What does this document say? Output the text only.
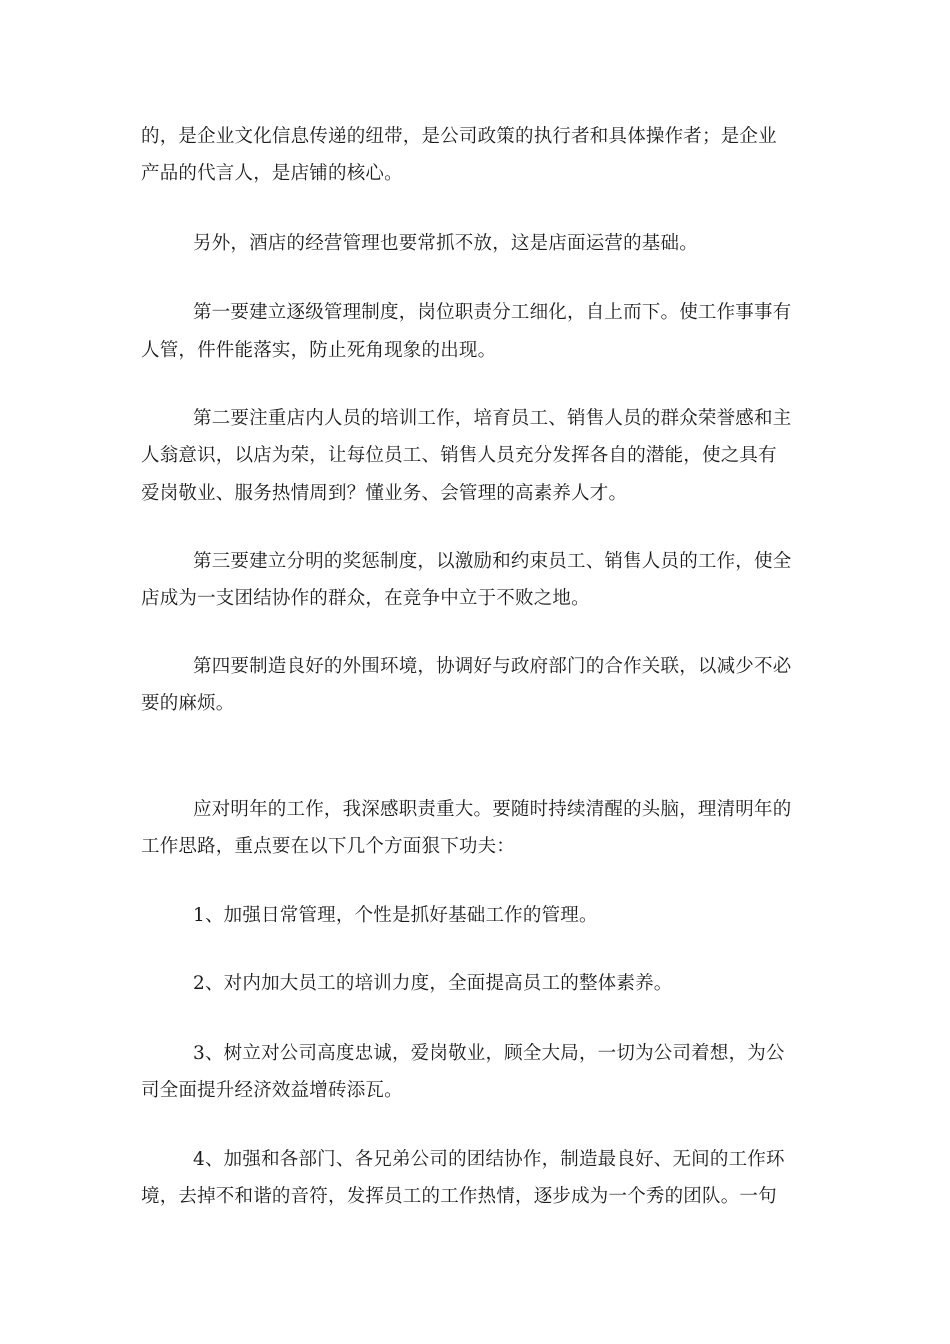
的，是企业文化信息传递的纽带，是公司政策的执行者和具体操作者；是企业

产品的代言人，是店铺的核心。

另外，酒店的经营管理也要常抓不放，这是店面运营的基础。

第一要建立逐级管理制度，岗位职责分工细化，自上而下。使工作事事有

人管，件件能落实，防止死角现象的出现。

第二要注重店内人员的培训工作，培育员工、销售人员的群众荣誉感和主

人翁意识，以店为荣，让每位员工、销售人员充分发挥各自的潜能，使之具有

爱岗敬业、服务热情周到？懂业务、会管理的高素养人才。

第三要建立分明的奖惩制度，以激励和约束员工、销售人员的工作，使全

店成为一支团结协作的群众，在竞争中立于不败之地。

第四要制造良好的外围环境，协调好与政府部门的合作关联，以减少不必

要的麻烦。

应对明年的工作，我深感职责重大。要随时持续清醒的头脑，理清明年的

工作思路，重点要在以下几个方面狠下功夫：

1、加强日常管理，个性是抓好基础工作的管理。

2、对内加大员工的培训力度，全面提高员工的整体素养。

3、树立对公司高度忠诚，爱岗敬业，顾全大局，一切为公司着想，为公

司全面提升经济效益增砖添瓦。

4、加强和各部门、各兄弟公司的团结协作，制造最良好、无间的工作环

境，去掉不和谐的音符，发挥员工的工作热情，逐步成为一个秀的团队。一句
